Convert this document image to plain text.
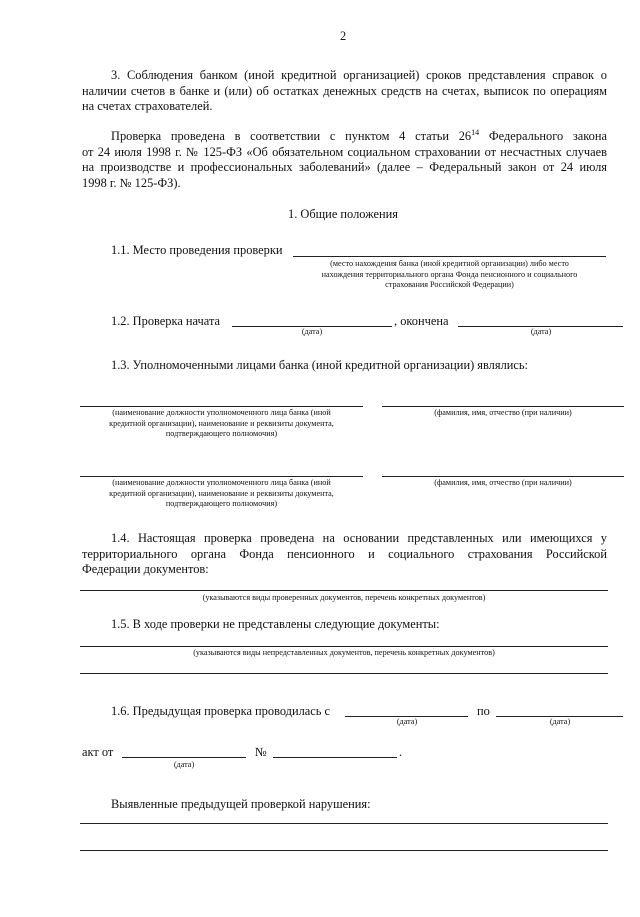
2
3. Соблюдения банком (иной кредитной организацией) сроков представления справок о
наличии счетов в банке и (или) об остатках денежных средств на счетах, выписок по операциям
на счетах страхователей.
Проверка проведена в соответствии с пунктом 4 статьи $26^{14}$ Федерального закона
от 24 июля 1998 г. № 125-ФЗ «Об обязательном социальном страховании от несчастных случаев
на производстве и профессиональных заболеваний» (далее – Федеральный закон от 24 июля
1998 г. № 125-ФЗ).
1. Общие положения
1.1. Место проведения проверки
(место нахождения банка (иной кредитной организации) либо место
нахождения территориального органа Фонда пенсионного и социального
страхования Российской Федерации)
1.2. Проверка начата	, окончена
(дата)	(дата)
1.3. Уполномоченными лицами банка (иной кредитной организации) являлись:
(наименование должности уполномоченного лица банка (иной
кредитной организации), наименование и реквизиты документа,
подтверждающего полномочия)
(фамилия, имя, отчество (при наличии)
(наименование должности уполномоченного лица банка (иной
кредитной организации), наименование и реквизиты документа,
подтверждающего полномочия)
(фамилия, имя, отчество (при наличии)
1.4. Настоящая проверка проведена на основании представленных или имеющихся у
территориального органа Фонда пенсионного и социального страхования Российской
Федерации документов:
(указываются виды проверенных документов, перечень конкретных документов)
1.5. В ходе проверки не представлены следующие документы:
(указываются виды непредставленных документов, перечень конкретных документов)
1.6. Предыдущая проверка проводилась с	по
(дата)	(дата)
акт от	№	.
(дата)
Выявленные предыдущей проверкой нарушения:
